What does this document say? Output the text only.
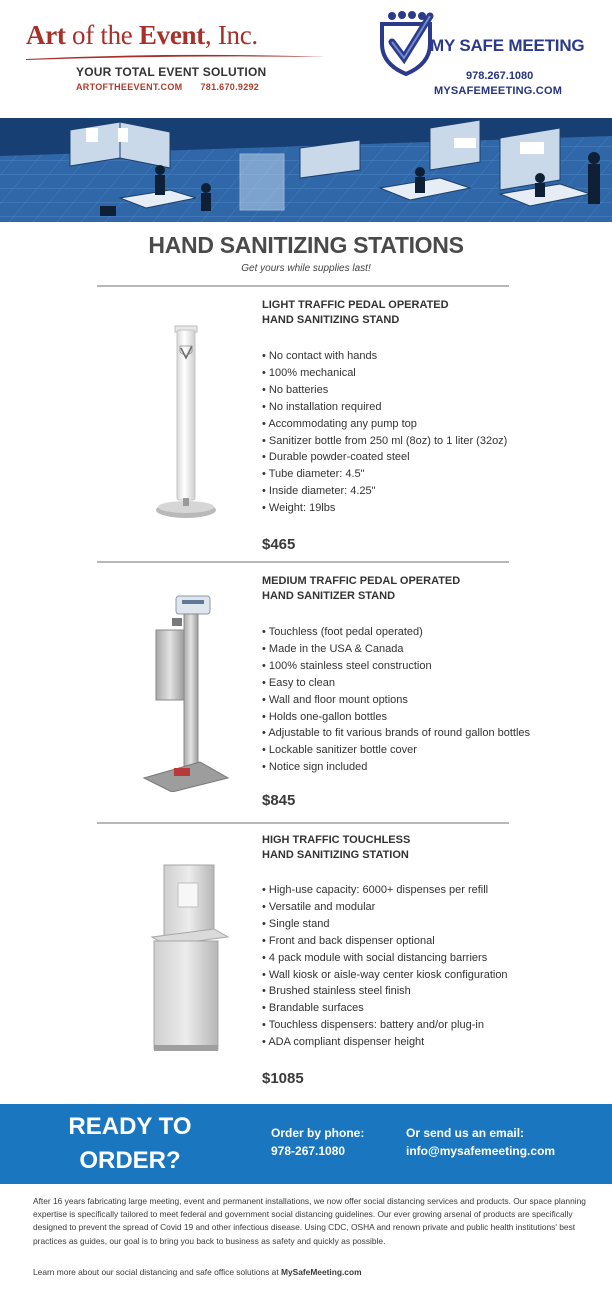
Art of the Event, Inc.
YOUR TOTAL EVENT SOLUTION
ARTOFTHEEVENT.COM 781.670.9292
MY SAFE MEETING
978.267.1080
MYSAFEMEETING.COM
HAND SANITIZING STATIONS
Get yours while supplies last!
LIGHT TRAFFIC PEDAL OPERATED
HAND SANITIZING STAND
• No contact with hands
• 100% mechanical
• No batteries
• No installation required
• Accommodating any pump top
• Sanitizer bottle from 250 ml (8oz) to 1 liter (32oz)
• Durable powder-coated steel
• Tube diameter: 4.5"
• Inside diameter: 4.25"
• Weight: 19lbs
$465
MEDIUM TRAFFIC PEDAL OPERATED
HAND SANITIZER STAND
• Touchless (foot pedal operated)
• Made in the USA & Canada
• 100% stainless steel construction
• Easy to clean
• Wall and floor mount options
• Holds one-gallon bottles
• Adjustable to fit various brands of round gallon bottles
• Lockable sanitizer bottle cover
• Notice sign included
$845
HIGH TRAFFIC TOUCHLESS
HAND SANITIZING STATION
• High-use capacity: 6000+ dispenses per refill
• Versatile and modular
• Single stand
• Front and back dispenser optional
• 4 pack module with social distancing barriers
• Wall kiosk or aisle-way center kiosk configuration
• Brushed stainless steel finish
• Brandable surfaces
• Touchless dispensers: battery and/or plug-in
• ADA compliant dispenser height
$1085
READY TO
ORDER?
Order by phone:
978-267.1080
Or send us an email:
info@mysafemeeting.com
After 16 years fabricating large meeting, event and permanent installations, we now offer social distancing services and products. Our space planning expertise is specifically tailored to meet federal and government social distancing guidelines. Our ever growing arsenal of products are specifically designed to prevent the spread of Covid 19 and other infectious disease. Using CDC, OSHA and renown private and public health institutions' best practices as guides, our goal is to bring you back to business as safety and quickly as possible.
Learn more about our social distancing and safe office solutions at MySafeMeeting.com
